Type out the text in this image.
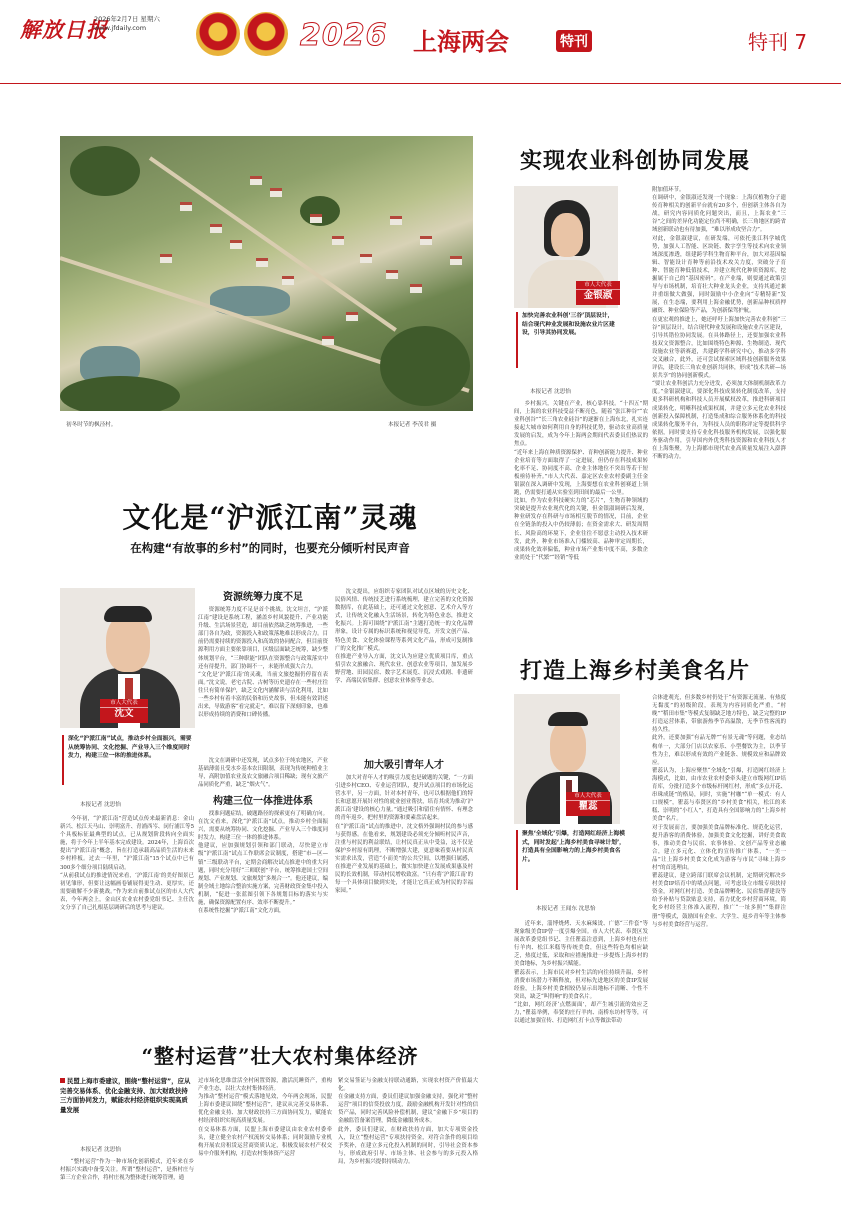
解放日报
2026年2月7日 星期六
www.jfdaily.com	2026 上海两会	特刊	特刊 7
初冬时节的枫泾村。	本报记者 李茂君 摄
文化是“沪派江南”灵魂
在构建“有故事的乡村”的同时，也要充分倾听村民声音
市人大代表
沈文
深化“沪派江南”试点，推动乡村全面振兴，需要从统筹协同、文化挖掘、产业导入三个维度同时发力，构建三位一体的推进体系。
本报记者 沈思怡
今年初，“沪派江南”营造试点传来最新消息：金山新兴、松江天马山、崇明富升、青浦西岑、闵行浦江等5个具板标征最典型的试点，已从规划阶段转向全面实施，将于今年上半年基本完成建设。2024年，上海首次提出“沪派江南”概念，旨在打造承载高品质生活的未来乡村样板。过去一年里，“沪派江南”15个试点中已有300多个细分项目陆续启动。
“从前我试点的推进情况来看，‘沪派江南’的美好图景已初见雏形，但要让这幅画卷铺展得更生动、更厚实，还需要破解不少新挑战。”作为来自前推试点区的市人大代表，今年两会上，金山区农业农村委党组书记、主任沈文分享了自己扎根基层调研后的思考与建议。
资源统筹力度不足
资源统筹力度不足是首个挑战。沈文坦言，“沪派江南”建设是系统工程，涵盖乡村风貌提升、产业功能升级、生活场景营造，却目前依然缺乏统筹推进，一些部门各自为政，资源投入和政策落地难以形成合力。目前仍需要持续的资源投入和高效的协同配合，但目前资源利用方面主要依靠项目，区级层面缺乏统筹，缺少整体规划平台，“三种职能”团队在资源整合与政策落实中还有待提升，部门协调不一，未能形成强大合力。
“文化是‘沪派江南’的灵魂，当前文旅挖掘仍停留在表面。”沈文说，老宅古院、古树等历史遗存在一些村庄往往只有简单保护，缺乏文化内涵解读与活化利用，比如一些乡村有着丰富的民俗和历史故事，但未能有效讲述出来，导致游客“看完就走”，难以留下深刻印象，也难以形成持续的消费和口碑传播。
沈文在调研中还发现，试点多位于纯农地区，产业基础薄弱且受水乡基本农田限制，表现为传统种植业主导，高附加值农业及农文旅融合项目稀缺；现有文旅产品同质化严重，缺乏“烟火气”。
构建三位一体推进体系
找准问题症结，破题路径的探索更有了明确方向。在沈文看来，深化“沪派江南”试点，推动乡村全面振兴，需要从统筹协同、文化挖掘、产业导入三个维度同时发力，构建三位一体的推进体系。
他建议，应加强规划引领和部门联动，尽快建立市级“沪派江南”试点工作联席会议制度，搭建“市—区—镇”三级联动平台，定期会商解决试点推进中的重大问题，同时充分用好“三师联创”平台，统筹推进国土空间规划、产业规划、文旅规划“多规合一”。他还建议，编制全域土地综合整治实施方案，完善财政资金集中投入机制，“促进一张蓝图引领下各规划目标的落实与实施，确保资源配置有序、效率不断提升。”
在系统性挖掘“沪派江南”文化方面，
沈文提出，应组织专家团队对试点区域的历史文化、民俗风情、传统技艺进行系统梳理，建立完善的文化资源数据库，在此基础上，还可通过文化创意、艺术介入等方式，让传统文化融入生活场景，转化为特色业态，推进文化振兴。上海可围绕“沪派江南”主题打造统一的文化品牌形象，设计专属的标识系统和视觉导览，开发文创产品、特色美食、文化体验课程等系列文化产品，形成可复制推广的文化推广模式。
在推进产业导入方面，沈文认为应建立优质项目库，重点招引农文旅融合、现代农业、创意农业等项目，加发展乡野营地、田园民宿、数字艺术展览、沉浸式戏剧、非遗研学、高端民宿集群、创意农业体验等业态。
加大吸引青年人才
加大对青年人才的吸引力度也是破题的关键，“一方面引进乡村CEO、专业运营团队，提升试点项目的市场化运营水平，另一方面，针对本村青年，也可以根据他们的特长和意愿开展针对性的就业创业帮扶，培育其成为推动‘沪派江南’建设的核心力量。”通过吸引和留住有情怀、有理念的青年返乡，把村里的资源和要素盘活起来。
在“沪派江南”试点的推进中，沈文格外强调村民的参与感与获得感。在他看来，规划建设必须充分倾听村民声音，注重与村民的利益联结，让村民真正从中受益，这不仅是保护乡村原有肌理，不断增强大建，更意味着要从村民真实需求出发，营造“小而美”的公共空间，以增强归属感，在推进产业发展的基础上，做实加快建立发展成果惠及村民的长效机制，带动村民增收致富。“只有将‘沪派江南’的每一个具体项目做到实处，才能让它真正成为村民的幸福家园。”
实现农业科创协同发展
市人大代表
金银淑
加快完善农业科创‘三谷’顶层设计，结合现代种业发展和设施农业片区建设，引导其协同发展。
本报记者 沈思怡
乡村振兴，关键在产业，核心靠科技。“十四五”期间，上海的农业科技受益不断亮色，随着“张江种谷”“农业科创谷”“长三角农业硅谷”的逐渐在上海东北，扎实连接起大城市如何利用自身的科技优势，驱动农业高质量发展的启发，成为今年上海两会期间代表委员们热议的焦点。
“近年来上海在种质资源保护、育种创新能力提升、种业企业培育等方面取得了一定进展，但仍存在科技成果转化率不足、协同度不高、企业主体地位不突出等若干短板亟待补齐。”市人大代表、嘉定区农业农村委副主任金银淑在深入调研中发现，上海要想在农业科创赛道上领跑，仍需要打通从实验室到田间的最后一公里。
比如，作为农业科技硬实力的“芯片”，生物育种领域的突破是提升农业现代化的关键，但金银淑调研后发现，种业研发存在科研与市场相互脱节的情况，目前，企业在全链条的投入中仍较薄弱；在资金需求大、研发周期长、风险高的环境下，企业往往不愿意主动投入技术研发，此外，种业市场准入门槛较高、品种审定周期长，成果转化效率偏低，种业市场产业集中度不高，多数企业尚处于“代繁”“经销”等低
附加值环节。
在调研中，金银淑还发现一个现象：上海仅植物分子遗传育种相关的创新平台就有20多个，但创新主体各自为战，研究内容同质化问题突出，而且，上海农业“三谷”之间的差异化功能定位尚不明确，长三角地区的跨省域创新联动也有待加强，“难以形成攻坚合力”。
对此，金银淑建议，在研发端，可依托张江科学城优势，加强人工智能、区块链、数字孪生等技术向农业领域深度渗透，组建跨学科生物育种平台，加大对基因编辑、智能设计育种等前沿技术攻关力度，突破分子育种、智能育种低值技术，并建立现代化种质资源库，挖掘属于自己的“基因密码”。在产业端，则要通过政策引导与市场机制，培育壮大种业龙头企业，支持其通过兼并重组做大做强，同时鼓励中小企业向“专精特新”发展，在生态端，要利用上海金融优势，创新品种权质押融资、种业保险等产品，为创新保驾护航。
在更宏观的推进上，她还呼吁上海加快完善农业科创“三谷”顶层设计，结合现代种业发展和设施农业片区建设，引导其错位协同发展。在具体路径上，还要加强农业科技双文资源整合，比如围绕特色种源、生物制造、现代设施农业等新赛道，共建跨学科研究中心，推动多学科交叉融合，此外，还可尝试探索区域科技创新服务效果评估，建设长三角农业创新共同体，形成“技术共研—场景共享”的协同创新模式。
“要让农业科创活力充分迸发，必须加大体制机制改革力度。”金银淑建议，要深化科技成果转化制度改革，支持更多科研机构和科技人员开展赋权改革，推进科研项目成果转化，明晰科技成果权属，并建立多元化农业科技创新投入保障机制，打造集成和综合服务体系化的科技成果转化服务平台，为科技人员的职称评定等提供科学依据，同时要支持专业化科技服务机构发展，以强化服务驱动作用，引导国内外优秀科技资源和农业科技人才在上海集聚，为上海都市现代农业高质量发展注入澎湃不断的动力。
打造上海乡村美食名片
市人大代表
瞿蕊
聚焦‘全域化’引爆，打造网红经济上海模式，同时发起‘上海乡村美食寻味计划’，打造具有全国影响力的上海乡村美食名片。
本报记者 王闻东 沈思怡
近年来，淄博烧烤、天水麻辣烫、广德“三件套”等现象级美食IP曾一度引爆全国。市人大代表、奉贤区发展改革委党组书记、主任瞿蕊注意到，上海乡村也有庄行羊肉、松江米糕等传统美食，但这些特色均相应缺乏，热度过低，采取和应措施推进一步提炼上海乡村的美食地标，为乡村振兴赋能。
瞿蕊表示，上海市民对乡村生活的向往持续升温，乡村消费市场潜力不断释放，但对标先进地区的美食IP发展经验，上海乡村美食相较仍显示出地标不清晰、个性不突出，缺乏“叫得响”的美食名片。
“比如，网红经济‘点燃面面’，却产生城引流的效应乏力，”瞿蕊举例，奉贤的庄行羊肉、南桥东坊村等等，可以通过加强宣传、打造网红打卡点等做法带动
合体进观光，但多数乡村仍处于“有资源无流量、有热度无黏度”的初级阶段，表现为内容同质化严重，“村晚”“稻田市集”等模式复制缺乏地方特色，缺乏完整的IP打造运营体系，带旅游热季节高温散，无季节性客流的持久性。
此外，还要加强“有品无牌”“有景无魂”等问题，业态结构单一，大部分门店以农家乐、小型餐饮为主，以季节性为主，难以形成有效的产业链条、规模效应和品牌效应。
瞿蕊认为，上海应聚焦“全域化”引爆，打造网红经济上海模式，比如，由市农业农村委牵头建立市级网红IP培育库，分批打造多个市级标杆网红村，形成“多点开花、串珠成链”的格局，同时，实施“村咖”“单一模式：有人口规模”，瞿蕊与奉贤区的“乡村美食”相关，松江的米糕、崇明的“小红人”，打造具有全国影响力的“上海乡村美食”名片。
对于发展而言，要加强美食品牌标准化、规范化运营，提升游客的消费体验，加强美食文化挖掘，讲好美食故事，推动美食与民宿、农事体验、文创产品等业态融合，建立多元化、立体化的宣传推广体系，“一美一品”让上海乡村美食文化成为游客与市民“寻味上海乡村”的首选理由。
瞿蕊建议，建立跨部门联席会议机制，定期研究解决乡村美食IP培育中的堵点问题，可考虑设立市级专项扶持资金，对网红村打造、美食品牌孵化、民宿集群建设等给予补贴与贷款贴息支持，着力优化乡村营商环境，简化乡村经营主体准入流程，推广“一址多照”“集群注册”等模式，鼓励国有企业、大学生、返乡青年等主体参与乡村美食经营与运营。
“整村运营”壮大农村集体经济
民盟上海市委建议，围绕“整村运营”，应从完善交易体系、优化金融支持、加大财政扶持三方面协同发力，赋能农村经济组织实现高质量发展
本报记者 沈思怡
“整村运营”作为一种市场化创新模式，近年来在乡村振兴实践中备受关注。所谓“整村运营”，是指村庄与第三方企业合作，将村庄视为整体进行统筹管理，通
过市场化思维盘活全村闲置资源，激活沉睡资产，重构产业生态，以壮大农村集体经济。
为推动“整村运营”模式落地见效，今年两会现场，民盟上海市委建议围绕“整村运营”，建议从完善交易体系、优化金融支持、加大财政扶持三方面协同发力，赋能农村经济组织实现高质量发展。
在交易体系方面，民盟上海市委建议由农业农村委牵头，建立健全农村产权流转交易体系；同时鼓励专业机构开展农房租赁运营商资质认定，积极发展农村产权交易中介服务机构，打造农村集体资产运营
紧交易签证与金融支持联动通路，实现农村资产价值最大化。
在金融支持方面，委员们建议加强金融支持，强化对“整村运营”项目的信贷投放力度，鼓励金融机构开发针对性的信贷产品，同时完善风险补偿机制，建议“金融下乡”项目的金融监管备案管理，降低金融服务成本。
此外，委员们建议，在财政扶持方面，加大专项资金投入，设立“整村运营”专项扶持资金，对符合条件的项目给予奖补，在建立多元化投入机制的同时，引导社会资本参与，形成政府引导、市场主体、社会参与的多元投入格局，为乡村振兴提供持续动力。
